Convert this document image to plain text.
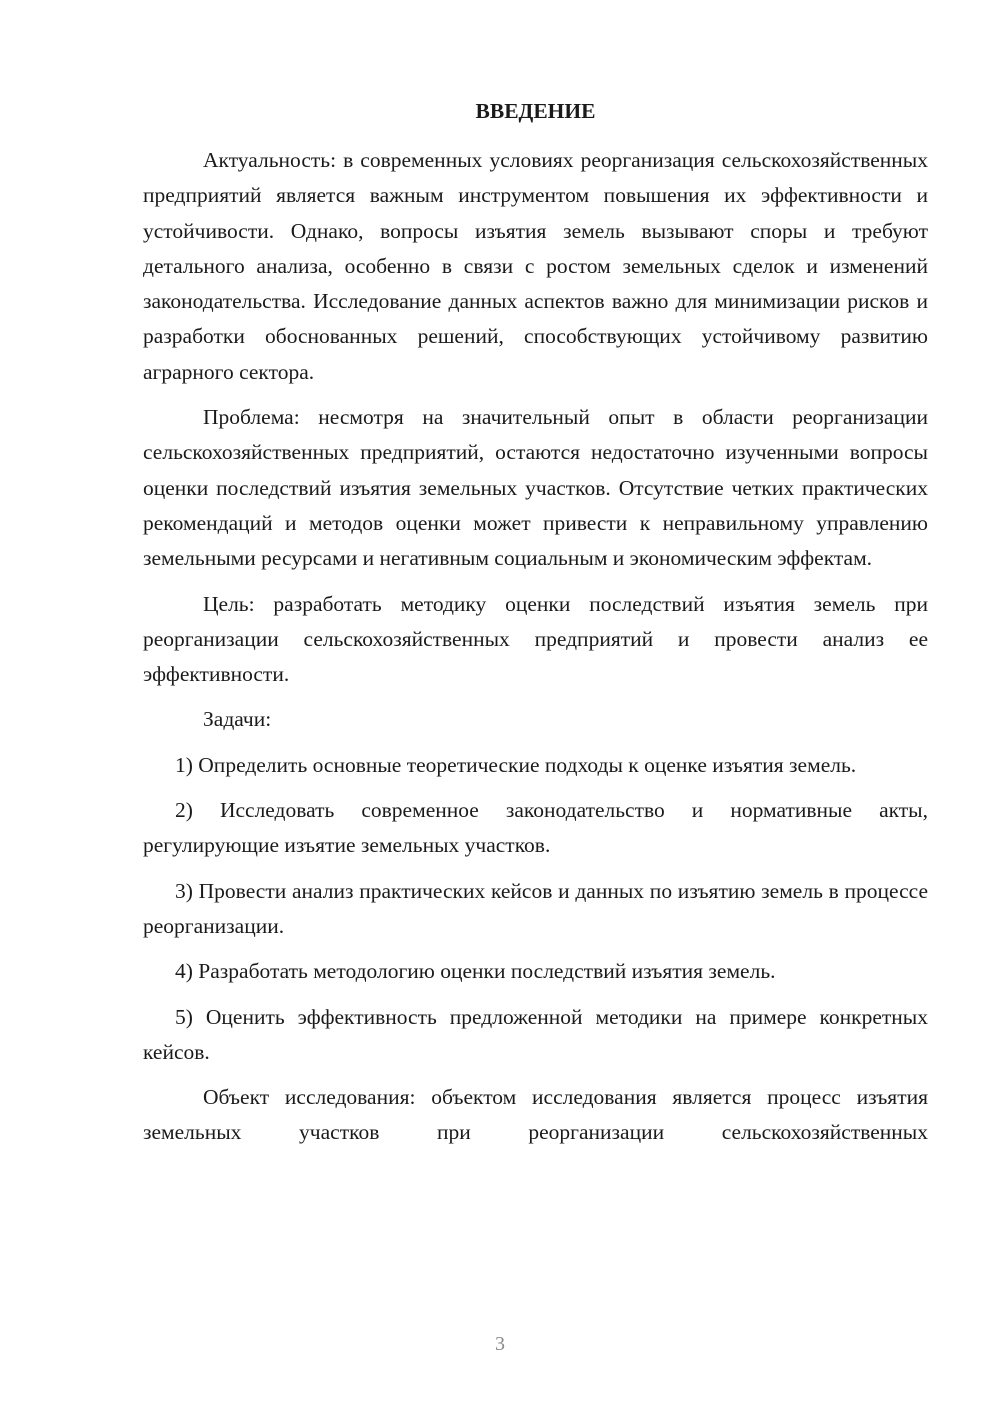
ВВЕДЕНИЕ

Актуальность: в современных условиях реорганизация сельскохозяйственных предприятий является важным инструментом повышения их эффективности и устойчивости. Однако, вопросы изъятия земель вызывают споры и требуют детального анализа, особенно в связи с ростом земельных сделок и изменений законодательства. Исследование данных аспектов важно для минимизации рисков и разработки обоснованных решений, способствующих устойчивому развитию аграрного сектора.

Проблема: несмотря на значительный опыт в области реорганизации сельскохозяйственных предприятий, остаются недостаточно изученными вопросы оценки последствий изъятия земельных участков. Отсутствие четких практических рекомендаций и методов оценки может привести к неправильному управлению земельными ресурсами и негативным социальным и экономическим эффектам.

Цель: разработать методику оценки последствий изъятия земель при реорганизации сельскохозяйственных предприятий и провести анализ ее эффективности.

Задачи:

1) Определить основные теоретические подходы к оценке изъятия земель.

2) Исследовать современное законодательство и нормативные акты, регулирующие изъятие земельных участков.

3) Провести анализ практических кейсов и данных по изъятию земель в процессе реорганизации.

4) Разработать методологию оценки последствий изъятия земель.

5) Оценить эффективность предложенной методики на примере конкретных кейсов.

Объект исследования: объектом исследования является процесс изъятия земельных участков при реорганизации сельскохозяйственных

3
